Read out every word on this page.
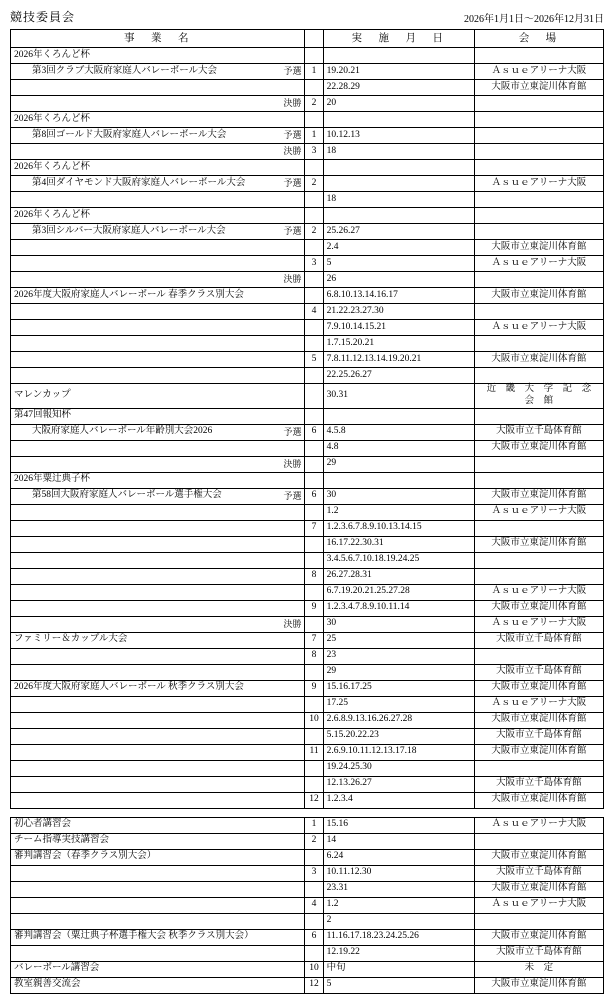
競技委員会	2026年1月1日〜2026年12月31日
事　業　名		実　施　月　日	会　場
2026年くろんど杯			

第3回クラブ大阪府家庭人バレーボール大会 予選	1	19.20.21	Ａｓｕｅアリーナ大阪

		22.28.29	大阪市立東淀川体育館

決勝	2	20	
2026年くろんど杯			

第8回ゴールド大阪府家庭人バレーボール大会 予選	1	10.12.13	

決勝	3	18	
2026年くろんど杯			

第4回ダイヤモンド大阪府家庭人バレーボール大会 予選	2		Ａｓｕｅアリーナ大阪

		18	
2026年くろんど杯			

第3回シルバー大阪府家庭人バレーボール大会 予選	2	25.26.27	

		2.4	大阪市立東淀川体育館

	3	5	Ａｓｕｅアリーナ大阪

決勝		26	
2026年度大阪府家庭人バレーボール 春季クラス別大会		6.8.10.13.14.16.17	大阪市立東淀川体育館

	4	21.22.23.27.30	

		7.9.10.14.15.21	Ａｓｕｅアリーナ大阪

		1.7.15.20.21	

	5	7.8.11.12.13.14.19.20.21	大阪市立東淀川体育館

		22.25.26.27	
マレンカップ		30.31	近　畿　大　学　記　念　会　館
第47回報知杯			

大阪府家庭人バレーボール年齢別大会2026 予選	6	4.5.8	大阪市立千島体育館

		4.8	大阪市立東淀川体育館

決勝		29	
2026年粟辻典子杯			

第58回大阪府家庭人バレーボール選手権大会 予選	6	30	大阪市立東淀川体育館

		1.2	Ａｓｕｅアリーナ大阪

	7	1.2.3.6.7.8.9.10.13.14.15	

		16.17.22.30.31	大阪市立東淀川体育館

		3.4.5.6.7.10.18.19.24.25	

	8	26.27.28.31	

		6.7.19.20.21.25.27.28	Ａｓｕｅアリーナ大阪

	9	1.2.3.4.7.8.9.10.11.14	大阪市立東淀川体育館

決勝		30	Ａｓｕｅアリーナ大阪
ファミリー＆カップル大会	7	25	大阪市立千島体育館

	8	23	

		29	大阪市立千島体育館
2026年度大阪府家庭人バレーボール 秋季クラス別大会	9	15.16.17.25	大阪市立東淀川体育館

		17.25	Ａｓｕｅアリーナ大阪

	10	2.6.8.9.13.16.26.27.28	大阪市立東淀川体育館

		5.15.20.22.23	大阪市立千島体育館

	11	2.6.9.10.11.12.13.17.18	大阪市立東淀川体育館

		19.24.25.30	

		12.13.26.27	大阪市立千島体育館

	12	1.2.3.4	大阪市立東淀川体育館
初心者講習会	1	15.16	Ａｓｕｅアリーナ大阪

チーム指導実技講習会	2	14	

審判講習会（春季クラス別大会）		6.24	大阪市立東淀川体育館

	3	10.11.12.30	大阪市立千島体育館

		23.31	大阪市立東淀川体育館

	4	1.2	Ａｓｕｅアリーナ大阪

		2	

審判講習会（粟辻典子杯選手権大会 秋季クラス別大会）	6	11.16.17.18.23.24.25.26	大阪市立東淀川体育館

		12.19.22	大阪市立千島体育館

バレーボール講習会	10	中旬	未　定

教室親善交流会	12	5	大阪市立東淀川体育館
